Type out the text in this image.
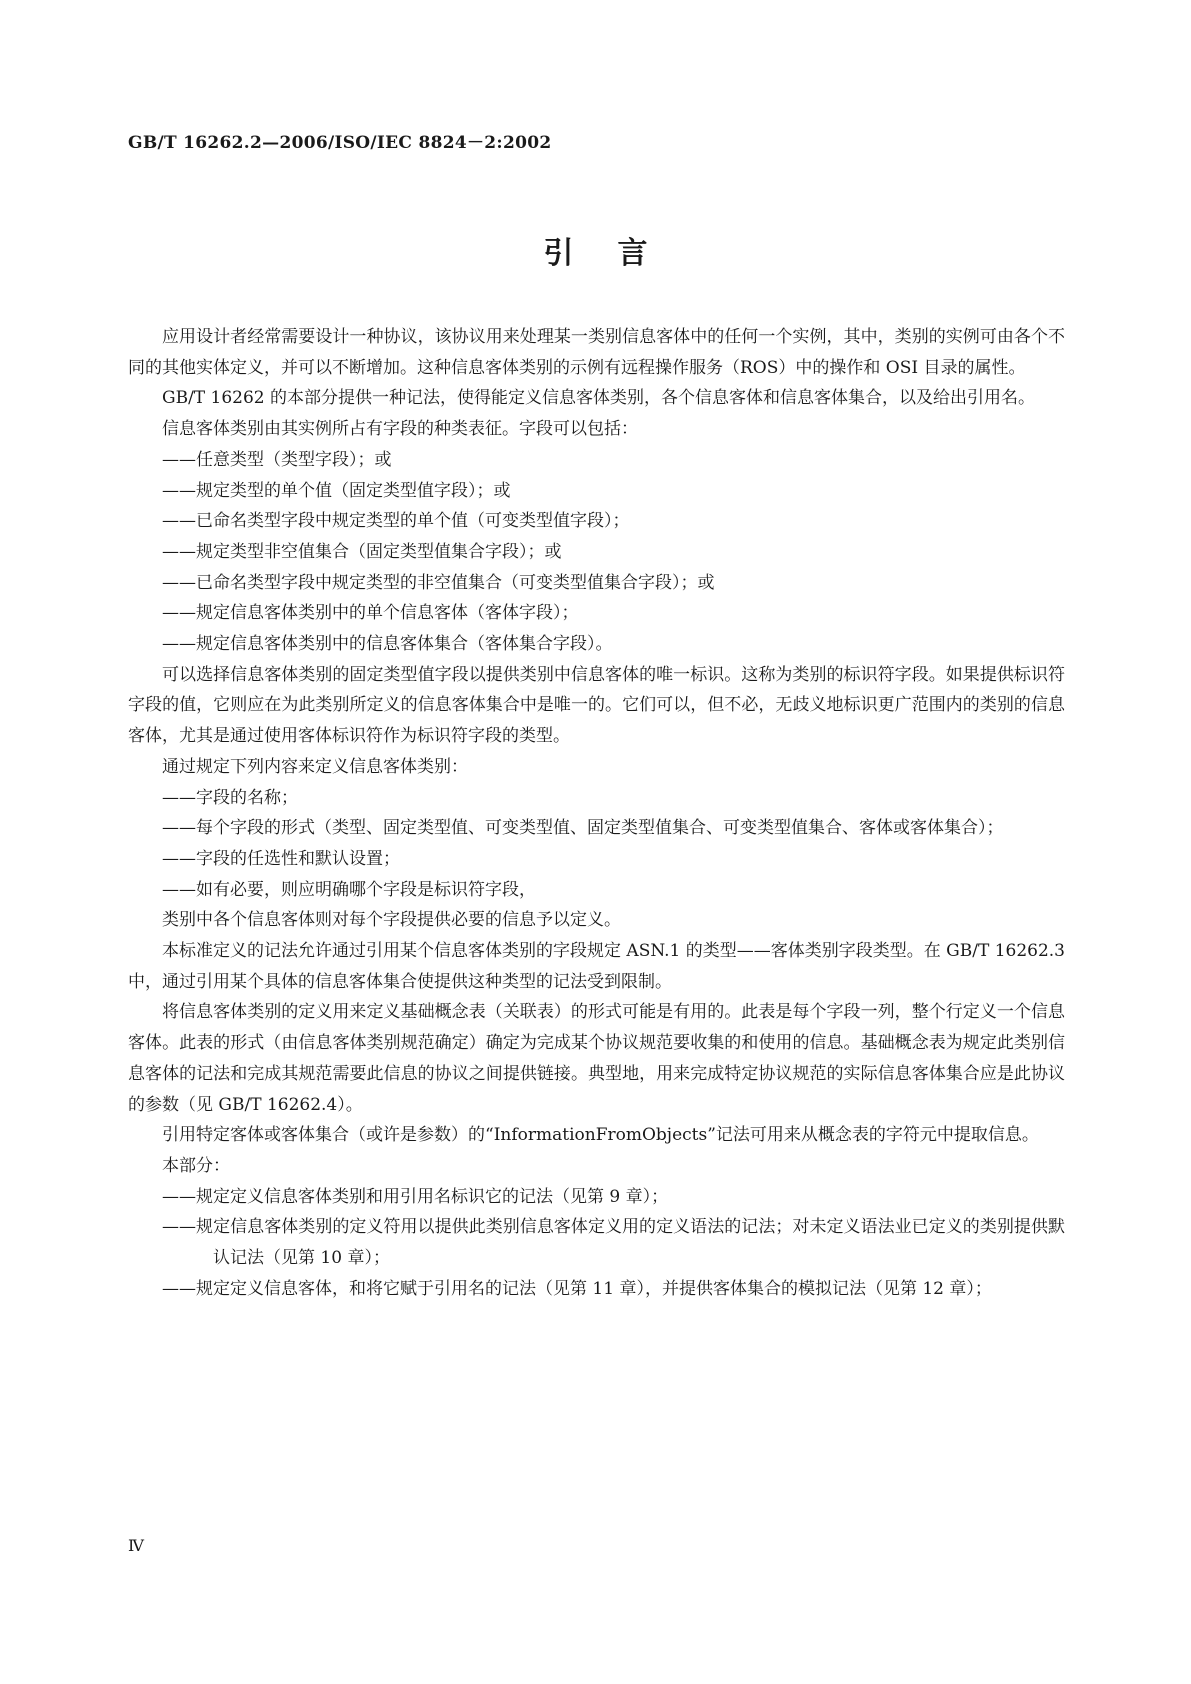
GB/T 16262.2—2006/ISO/IEC 8824－2:2002
引言

应用设计者经常需要设计一种协议，该协议用来处理某一类别信息客体中的任何一个实例，其中，类别的实例可由各个不同的其他实体定义，并可以不断增加。这种信息客体类别的示例有远程操作服务（ROS）中的操作和 OSI 目录的属性。

GB/T 16262 的本部分提供一种记法，使得能定义信息客体类别，各个信息客体和信息客体集合，以及给出引用名。

信息客体类别由其实例所占有字段的种类表征。字段可以包括：

——任意类型（类型字段）；或

——规定类型的单个值（固定类型值字段）；或

——已命名类型字段中规定类型的单个值（可变类型值字段）；

——规定类型非空值集合（固定类型值集合字段）；或

——已命名类型字段中规定类型的非空值集合（可变类型值集合字段）；或

——规定信息客体类别中的单个信息客体（客体字段）；

——规定信息客体类别中的信息客体集合（客体集合字段）。

可以选择信息客体类别的固定类型值字段以提供类别中信息客体的唯一标识。这称为类别的标识符字段。如果提供标识符字段的值，它则应在为此类别所定义的信息客体集合中是唯一的。它们可以，但不必，无歧义地标识更广范围内的类别的信息客体，尤其是通过使用客体标识符作为标识符字段的类型。

通过规定下列内容来定义信息客体类别：

——字段的名称；

——每个字段的形式（类型、固定类型值、可变类型值、固定类型值集合、可变类型值集合、客体或客体集合）；

——字段的任选性和默认设置；

——如有必要，则应明确哪个字段是标识符字段，

类别中各个信息客体则对每个字段提供必要的信息予以定义。

本标准定义的记法允许通过引用某个信息客体类别的字段规定 ASN.1 的类型——客体类别字段类型。在 GB/T 16262.3 中，通过引用某个具体的信息客体集合使提供这种类型的记法受到限制。

将信息客体类别的定义用来定义基础概念表（关联表）的形式可能是有用的。此表是每个字段一列，整个行定义一个信息客体。此表的形式（由信息客体类别规范确定）确定为完成某个协议规范要收集的和使用的信息。基础概念表为规定此类别信息客体的记法和完成其规范需要此信息的协议之间提供链接。典型地，用来完成特定协议规范的实际信息客体集合应是此协议的参数（见 GB/T 16262.4）。

引用特定客体或客体集合（或许是参数）的“InformationFromObjects”记法可用来从概念表的字符元中提取信息。

本部分：

——规定定义信息客体类别和用引用名标识它的记法（见第 9 章）；

——规定信息客体类别的定义符用以提供此类别信息客体定义用的定义语法的记法；对未定义语法业已定义的类别提供默认记法（见第 10 章）；

——规定定义信息客体，和将它赋于引用名的记法（见第 11 章），并提供客体集合的模拟记法（见第 12 章）；

Ⅳ
